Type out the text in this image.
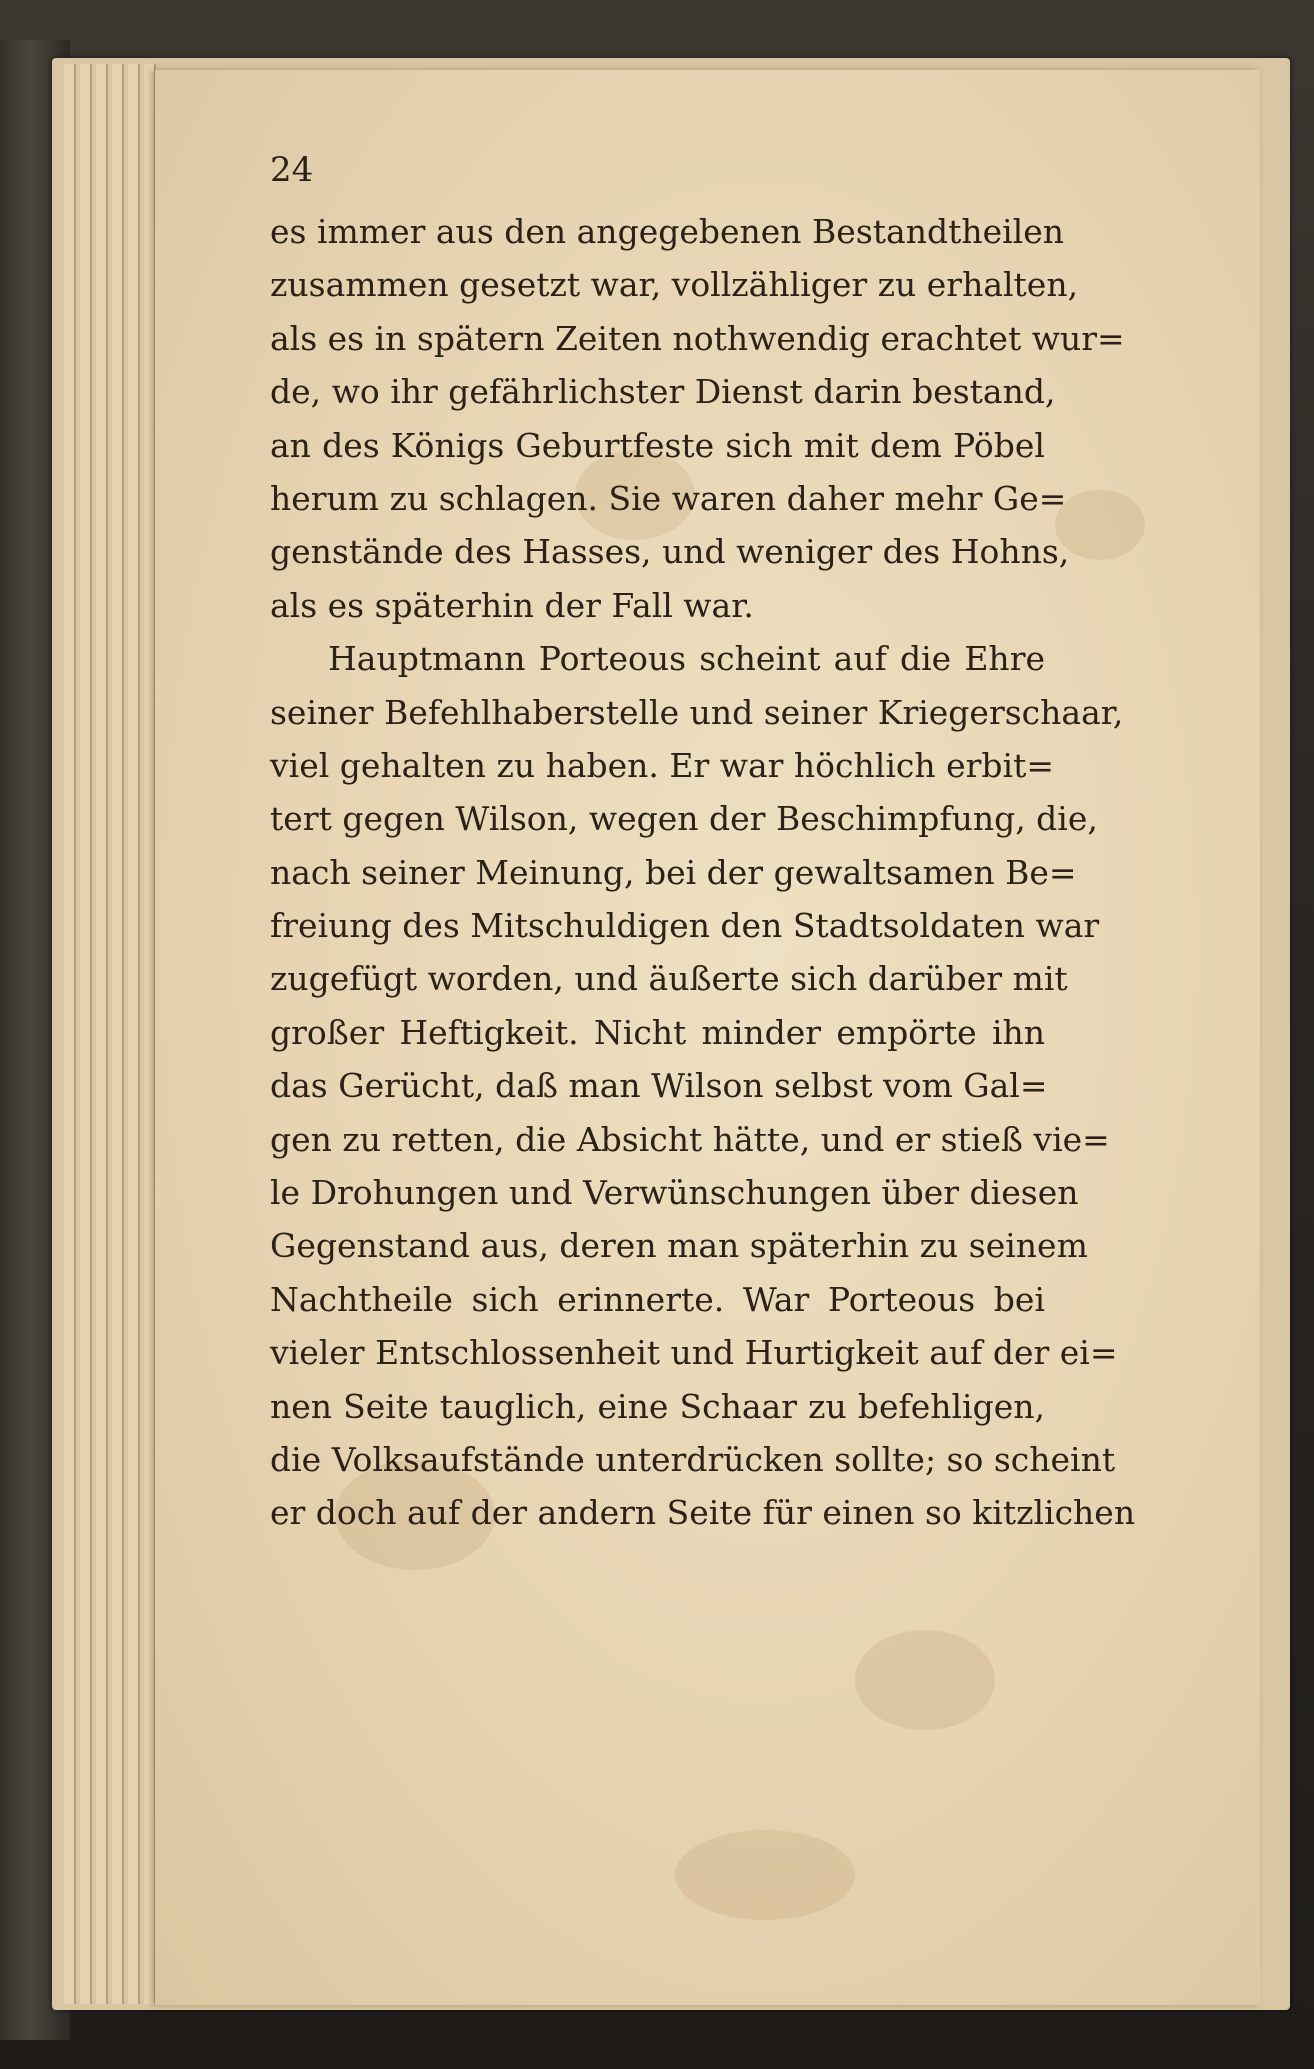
24
es immer aus den angegebenen Bestandtheilen
zusammen gesetzt war, vollzähliger zu erhalten,
als es in spätern Zeiten nothwendig erachtet wur=
de, wo ihr gefährlichster Dienst darin bestand,
an des Königs Geburtfeste sich mit dem Pöbel
herum zu schlagen. Sie waren daher mehr Ge=
genstände des Hasses, und weniger des Hohns,
als es späterhin der Fall war.
Hauptmann Porteous scheint auf die Ehre
seiner Befehlhaberstelle und seiner Kriegerschaar,
viel gehalten zu haben. Er war höchlich erbit=
tert gegen Wilson, wegen der Beschimpfung, die,
nach seiner Meinung, bei der gewaltsamen Be=
freiung des Mitschuldigen den Stadtsoldaten war
zugefügt worden, und äußerte sich darüber mit
großer Heftigkeit. Nicht minder empörte ihn
das Gerücht, daß man Wilson selbst vom Gal=
gen zu retten, die Absicht hätte, und er stieß vie=
le Drohungen und Verwünschungen über diesen
Gegenstand aus, deren man späterhin zu seinem
Nachtheile sich erinnerte. War Porteous bei
vieler Entschlossenheit und Hurtigkeit auf der ei=
nen Seite tauglich, eine Schaar zu befehligen,
die Volksaufstände unterdrücken sollte; so scheint
er doch auf der andern Seite für einen so kitzlichen
